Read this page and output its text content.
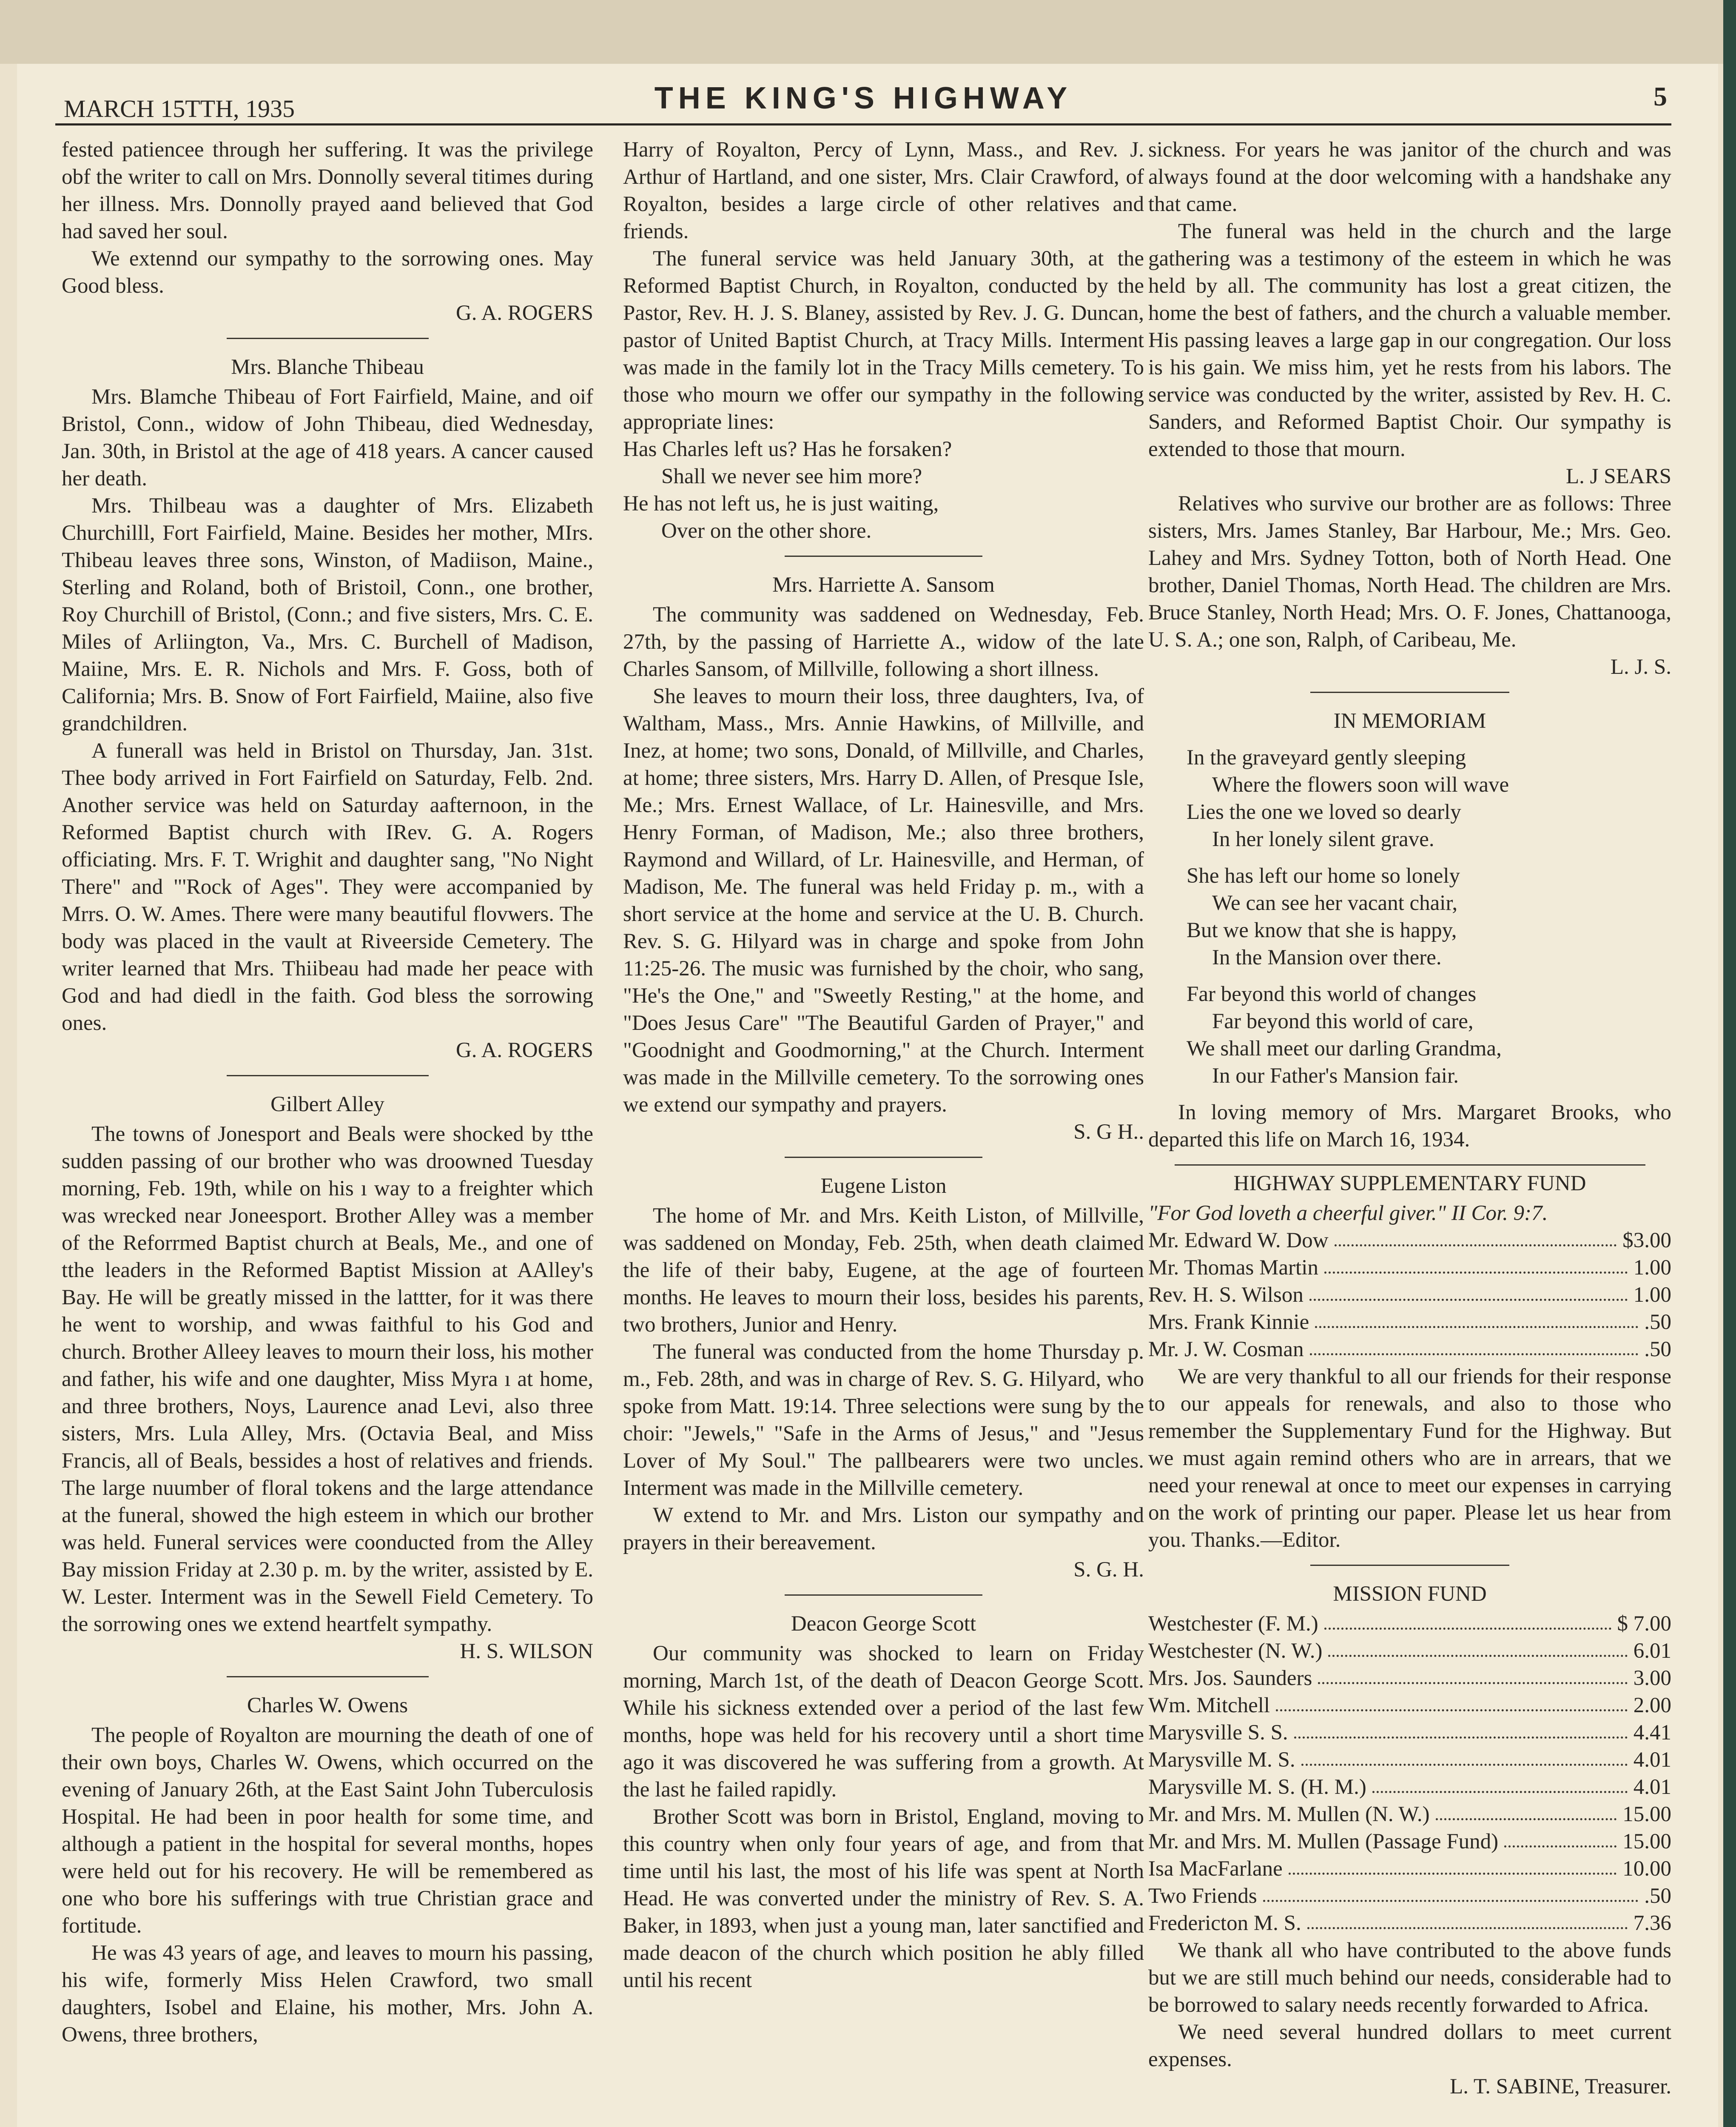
MARCH 15TTH, 1935	THE KING'S HIGHWAY	5

fested patiencee through her suffering. It was the privilege obf the writer to call on Mrs. Donnolly several titimes during her illness. Mrs. Donnolly prayed aand believed that God had saved her soul.

We extennd our sympathy to the sorrowing ones. May Good bless.

G. A. ROGERS

Mrs. Blanche Thibeau

Mrs. Blamche Thibeau of Fort Fairfield, Maine, and oif Bristol, Conn., widow of John Thibeau, died Wednesday, Jan. 30th, in Bristol at the age of 418 years. A cancer caused her death.

Mrs. Thilbeau was a daughter of Mrs. Elizabeth Churchilll, Fort Fairfield, Maine. Besides her mother, MIrs. Thibeau leaves three sons, Winston, of Madiison, Maine., Sterling and Roland, both of Bristoil, Conn., one brother, Roy Churchill of Bristol, (Conn.; and five sisters, Mrs. C. E. Miles of Arliington, Va., Mrs. C. Burchell of Madison, Maiine, Mrs. E. R. Nichols and Mrs. F. Goss, both of California; Mrs. B. Snow of Fort Fairfield, Maiine, also five grandchildren.

A funerall was held in Bristol on Thursday, Jan. 31st. Thee body arrived in Fort Fairfield on Saturday, Felb. 2nd. Another service was held on Saturday aafternoon, in the Reformed Baptist church with IRev. G. A. Rogers officiating. Mrs. F. T. Wrighit and daughter sang, "No Night There" and "'Rock of Ages". They were accompanied by Mrrs. O. W. Ames. There were many beautiful flovwers. The body was placed in the vault at Riveerside Cemetery. The writer learned that Mrs. Thiibeau had made her peace with God and had diedl in the faith. God bless the sorrowing ones.

G. A. ROGERS

Gilbert Alley

The towns of Jonesport and Beals were shocked by tthe sudden passing of our brother who was droowned Tuesday morning, Feb. 19th, while on his ı way to a freighter which was wrecked near Joneesport. Brother Alley was a member of the Reforrmed Baptist church at Beals, Me., and one of tthe leaders in the Reformed Baptist Mission at AAlley's Bay. He will be greatly missed in the lattter, for it was there he went to worship, and wwas faithful to his God and church. Brother Alleey leaves to mourn their loss, his mother and father, his wife and one daughter, Miss Myra ı at home, and three brothers, Noys, Laurence anad Levi, also three sisters, Mrs. Lula Alley, Mrs. (Octavia Beal, and Miss Francis, all of Beals, bessides a host of relatives and friends. The large nuumber of floral tokens and the large attendance at the funeral, showed the high esteem in which our brother was held. Funeral services were coonducted from the Alley Bay mission Friday at 2.30 p. m. by the writer, assisted by E. W. Lester. Interment was in the Sewell Field Cemetery. To the sorrowing ones we extend heartfelt sympathy.

H. S. WILSON

Charles W. Owens

The people of Royalton are mourning the death of one of their own boys, Charles W. Owens, which occurred on the evening of January 26th, at the East Saint John Tuberculosis Hospital. He had been in poor health for some time, and although a patient in the hospital for several months, hopes were held out for his recovery. He will be remembered as one who bore his sufferings with true Christian grace and fortitude.

He was 43 years of age, and leaves to mourn his passing, his wife, formerly Miss Helen Crawford, two small daughters, Isobel and Elaine, his mother, Mrs. John A. Owens, three brothers,

Harry of Royalton, Percy of Lynn, Mass., and Rev. J. Arthur of Hartland, and one sister, Mrs. Clair Crawford, of Royalton, besides a large circle of other relatives and friends.

The funeral service was held January 30th, at the Reformed Baptist Church, in Royalton, conducted by the Pastor, Rev. H. J. S. Blaney, assisted by Rev. J. G. Duncan, pastor of United Baptist Church, at Tracy Mills. Interment was made in the family lot in the Tracy Mills cemetery. To those who mourn we offer our sympathy in the following appropriate lines:

Has Charles left us? Has he forsaken?
Shall we never see him more?
He has not left us, he is just waiting,
Over on the other shore.
Mrs. Harriette A. Sansom

The community was saddened on Wednesday, Feb. 27th, by the passing of Harriette A., widow of the late Charles Sansom, of Millville, following a short illness.

She leaves to mourn their loss, three daughters, Iva, of Waltham, Mass., Mrs. Annie Hawkins, of Millville, and Inez, at home; two sons, Donald, of Millville, and Charles, at home; three sisters, Mrs. Harry D. Allen, of Presque Isle, Me.; Mrs. Ernest Wallace, of Lr. Hainesville, and Mrs. Henry Forman, of Madison, Me.; also three brothers, Raymond and Willard, of Lr. Hainesville, and Herman, of Madison, Me. The funeral was held Friday p. m., with a short service at the home and service at the U. B. Church. Rev. S. G. Hilyard was in charge and spoke from John 11:25-26. The music was furnished by the choir, who sang, "He's the One," and "Sweetly Resting," at the home, and "Does Jesus Care" "The Beautiful Garden of Prayer," and "Goodnight and Goodmorning," at the Church. Interment was made in the Millville cemetery. To the sorrowing ones we extend our sympathy and prayers.

S. G H..

Eugene Liston

The home of Mr. and Mrs. Keith Liston, of Millville, was saddened on Monday, Feb. 25th, when death claimed the life of their baby, Eugene, at the age of fourteen months. He leaves to mourn their loss, besides his parents, two brothers, Junior and Henry.

The funeral was conducted from the home Thursday p. m., Feb. 28th, and was in charge of Rev. S. G. Hilyard, who spoke from Matt. 19:14. Three selections were sung by the choir: "Jewels," "Safe in the Arms of Jesus," and "Jesus Lover of My Soul." The pallbearers were two uncles. Interment was made in the Millville cemetery.

W extend to Mr. and Mrs. Liston our sympathy and prayers in their bereavement.

S. G. H.

Deacon George Scott

Our community was shocked to learn on Friday morning, March 1st, of the death of Deacon George Scott. While his sickness extended over a period of the last few months, hope was held for his recovery until a short time ago it was discovered he was suffering from a growth. At the last he failed rapidly.

Brother Scott was born in Bristol, England, moving to this country when only four years of age, and from that time until his last, the most of his life was spent at North Head. He was converted under the ministry of Rev. S. A. Baker, in 1893, when just a young man, later sanctified and made deacon of the church which position he ably filled until his recent

sickness. For years he was janitor of the church and was always found at the door welcoming with a handshake any that came.

The funeral was held in the church and the large gathering was a testimony of the esteem in which he was held by all. The community has lost a great citizen, the home the best of fathers, and the church a valuable member. His passing leaves a large gap in our congregation. Our loss is his gain. We miss him, yet he rests from his labors. The service was conducted by the writer, assisted by Rev. H. C. Sanders, and Reformed Baptist Choir. Our sympathy is extended to those that mourn.

L. J SEARS

Relatives who survive our brother are as follows: Three sisters, Mrs. James Stanley, Bar Harbour, Me.; Mrs. Geo. Lahey and Mrs. Sydney Totton, both of North Head. One brother, Daniel Thomas, North Head. The children are Mrs. Bruce Stanley, North Head; Mrs. O. F. Jones, Chattanooga, U. S. A.; one son, Ralph, of Caribeau, Me.

L. J. S.

IN MEMORIAM
In the graveyard gently sleeping
Where the flowers soon will wave
Lies the one we loved so dearly
In her lonely silent grave.
She has left our home so lonely
We can see her vacant chair,
But we know that she is happy,
In the Mansion over there.
Far beyond this world of changes
Far beyond this world of care,
We shall meet our darling Grandma,
In our Father's Mansion fair.

In loving memory of Mrs. Margaret Brooks, who departed this life on March 16, 1934.

HIGHWAY SUPPLEMENTARY FUND

"For God loveth a cheerful giver." II Cor. 9:7.

Mr. Edward W. Dow	$3.00
Mr. Thomas Martin	1.00
Rev. H. S. Wilson	1.00
Mrs. Frank Kinnie	.50
Mr. J. W. Cosman	.50

We are very thankful to all our friends for their response to our appeals for renewals, and also to those who remember the Supplementary Fund for the Highway. But we must again remind others who are in arrears, that we need your renewal at once to meet our expenses in carrying on the work of printing our paper. Please let us hear from you. Thanks.—Editor.

MISSION FUND
Westchester (F. M.)	$ 7.00
Westchester (N. W.)	6.01
Mrs. Jos. Saunders	3.00
Wm. Mitchell	2.00
Marysville S. S.	4.41
Marysville M. S.	4.01
Marysville M. S. (H. M.)	4.01
Mr. and Mrs. M. Mullen (N. W.)	15.00
Mr. and Mrs. M. Mullen (Passage Fund)	15.00
Isa MacFarlane	10.00
Two Friends	.50
Fredericton M. S.	7.36

We thank all who have contributed to the above funds but we are still much behind our needs, considerable had to be borrowed to salary needs recently forwarded to Africa.

We need several hundred dollars to meet current expenses.

L. T. SABINE, Treasurer.
